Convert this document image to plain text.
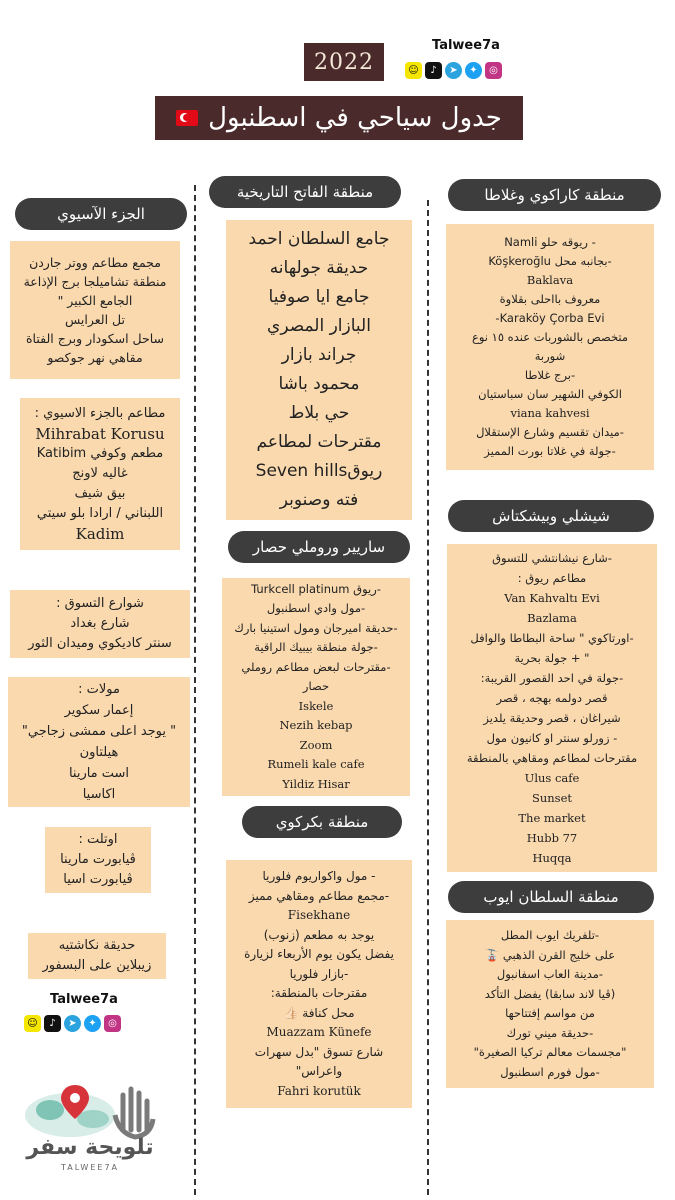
2022
Talwee7a
☺	♪	➤	✦	◎
جدول سياحي في اسطنبول
الجزء الآسيوي
مجمع مطاعم ووتر جاردن
منطقة تشاميلجا برج الإذاعة
الجامع الكبير "
تل العرايس
ساحل اسكودار وبرج الفتاة
مقاهي نهر جوكصو
مطاعم بالجزء الاسيوي :
Mihrabat Korusu
مطعم وكوفي Katibim
غاليه لاونج
بيق شيف
اللبناني / ارادا بلو سيتي
Kadim
شوارع التسوق :
شارع بغداد
سنتر كاديكوي وميدان الثور
مولات :
إعمار سكوير
" يوجد اعلى ممشى زجاجي"
هيلتاون
است مارينا
اكاسيا
اوتلت :
ڤيابورت مارينا
ڤيابورت اسيا
حديقة نكاشتيه
زيبلاين على البسفور
Talwee7a
☺	♪	➤	✦	◎
تلويحة سفر
TALWEE7A
منطقة الفاتح التاريخية
جامع السلطان احمد
حديقة جولهانه
جامع ايا صوفيا
البازار المصري
جراند بازار
محمود باشا
حي بلاط
مقترحات لمطاعم
ريوقSeven hills
فته وصنوبر
ساريير وروملي حصار
-ريوق Turkcell platinum
-مول وادي اسطنبول
-حديقة اميرجان ومول استينيا بارك
-جولة منطقة بيبيك الراقية
-مقترحات لبعض مطاعم روملي
حصار
Iskele
Nezih kebap
Zoom
Rumeli kale cafe
Yildiz Hisar
منطقة بكركوي
- مول واكواريوم فلوريا
-مجمع مطاعم ومقاهي مميز
Fisekhane
يوجد به مطعم (زنوب)
يفضل يكون يوم الأربعاء لزيارة
-بازار فلوريا
مقترحات بالمنطقة:
محل كنافة 👍🏻
Muazzam Künefe
شارع تسوق "بدل سهرات
واعراس"
Fahri korutük
منطقة كاراكوي وغلاطا
- ريوقه حلو Namli
-بجانبه محل Köşkeroğlu
Baklava
معروف بااحلى بقلاوة
Karaköy Çorba Evi-
متخصص بالشوربات عنده ١٥ نوع
شوربة
-برج غلاطا
الكوفي الشهير سان سباستيان
viana kahvesi
-ميدان تقسيم وشارع الإستقلال
-جولة في غلاتا بورت المميز
شيشلي وبيشكتاش
-شارع نيشانتشي للتسوق
مطاعم ريوق :
Van Kahvaltı Evi
Bazlama
-اورتاكوي " ساحة البطاطا والوافل
" + جولة بحرية
-جولة في احد القصور القريبة:
قصر دولمه بهجه ، قصر
شيراغان ، قصر وحديقة يلديز
- زورلو سنتر او كانيون مول
مقترحات لمطاعم ومقاهي بالمنطقة
Ulus cafe
Sunset
The market
Hubb 77
Huqqa
منطقة السلطان ايوب
-تلفريك ايوب المطل
على خليج القرن الذهبي 🚡
-مدينة العاب اسفانبول
(ڤيا لاند سابقا) يفضل التأكد
من مواسم إفتتاحها
-حديقة ميني تورك
"مجسمات معالم تركيا الصغيرة"
-مول فورم اسطنبول
